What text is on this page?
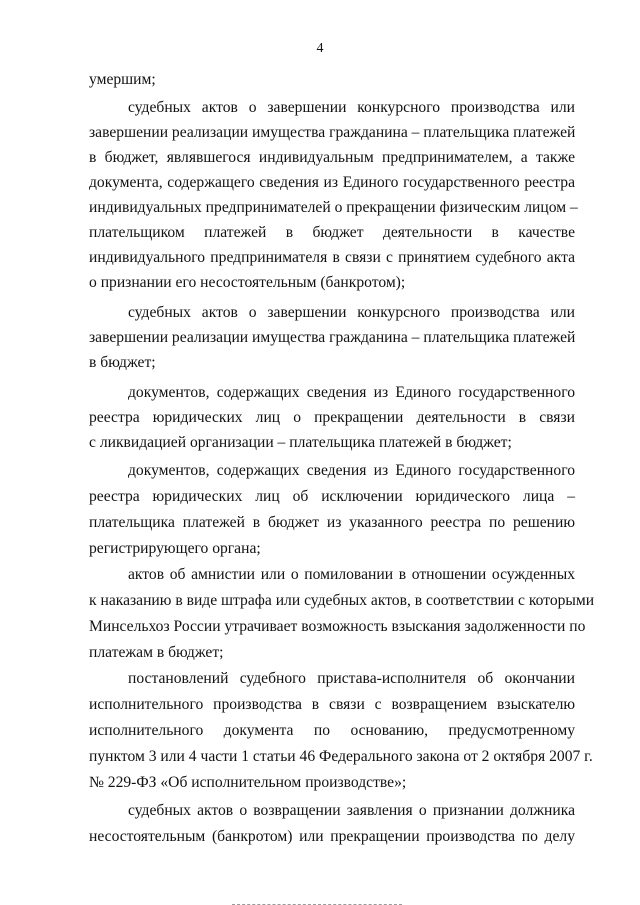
4
умершим;
судебных актов о завершении конкурсного производства или
завершении реализации имущества гражданина – плательщика платежей
в бюджет, являвшегося индивидуальным предпринимателем, а также
документа, содержащего сведения из Единого государственного реестра
индивидуальных предпринимателей о прекращении физическим лицом –
плательщиком платежей в бюджет деятельности в качестве
индивидуального предпринимателя в связи с принятием судебного акта
о признании его несостоятельным (банкротом);
судебных актов о завершении конкурсного производства или
завершении реализации имущества гражданина – плательщика платежей
в бюджет;
документов, содержащих сведения из Единого государственного
реестра юридических лиц о прекращении деятельности в связи
с ликвидацией организации – плательщика платежей в бюджет;
документов, содержащих сведения из Единого государственного
реестра юридических лиц об исключении юридического лица –
плательщика платежей в бюджет из указанного реестра по решению
регистрирующего органа;
актов об амнистии или о помиловании в отношении осужденных
к наказанию в виде штрафа или судебных актов, в соответствии с которыми
Минсельхоз России утрачивает возможность взыскания задолженности по
платежам в бюджет;
постановлений судебного пристава-исполнителя об окончании
исполнительного производства в связи с возвращением взыскателю
исполнительного документа по основанию, предусмотренному
пунктом 3 или 4 части 1 статьи 46 Федерального закона от 2 октября 2007 г.
№ 229-ФЗ «Об исполнительном производстве»;
судебных актов о возвращении заявления о признании должника
несостоятельным (банкротом) или прекращении производства по делу
